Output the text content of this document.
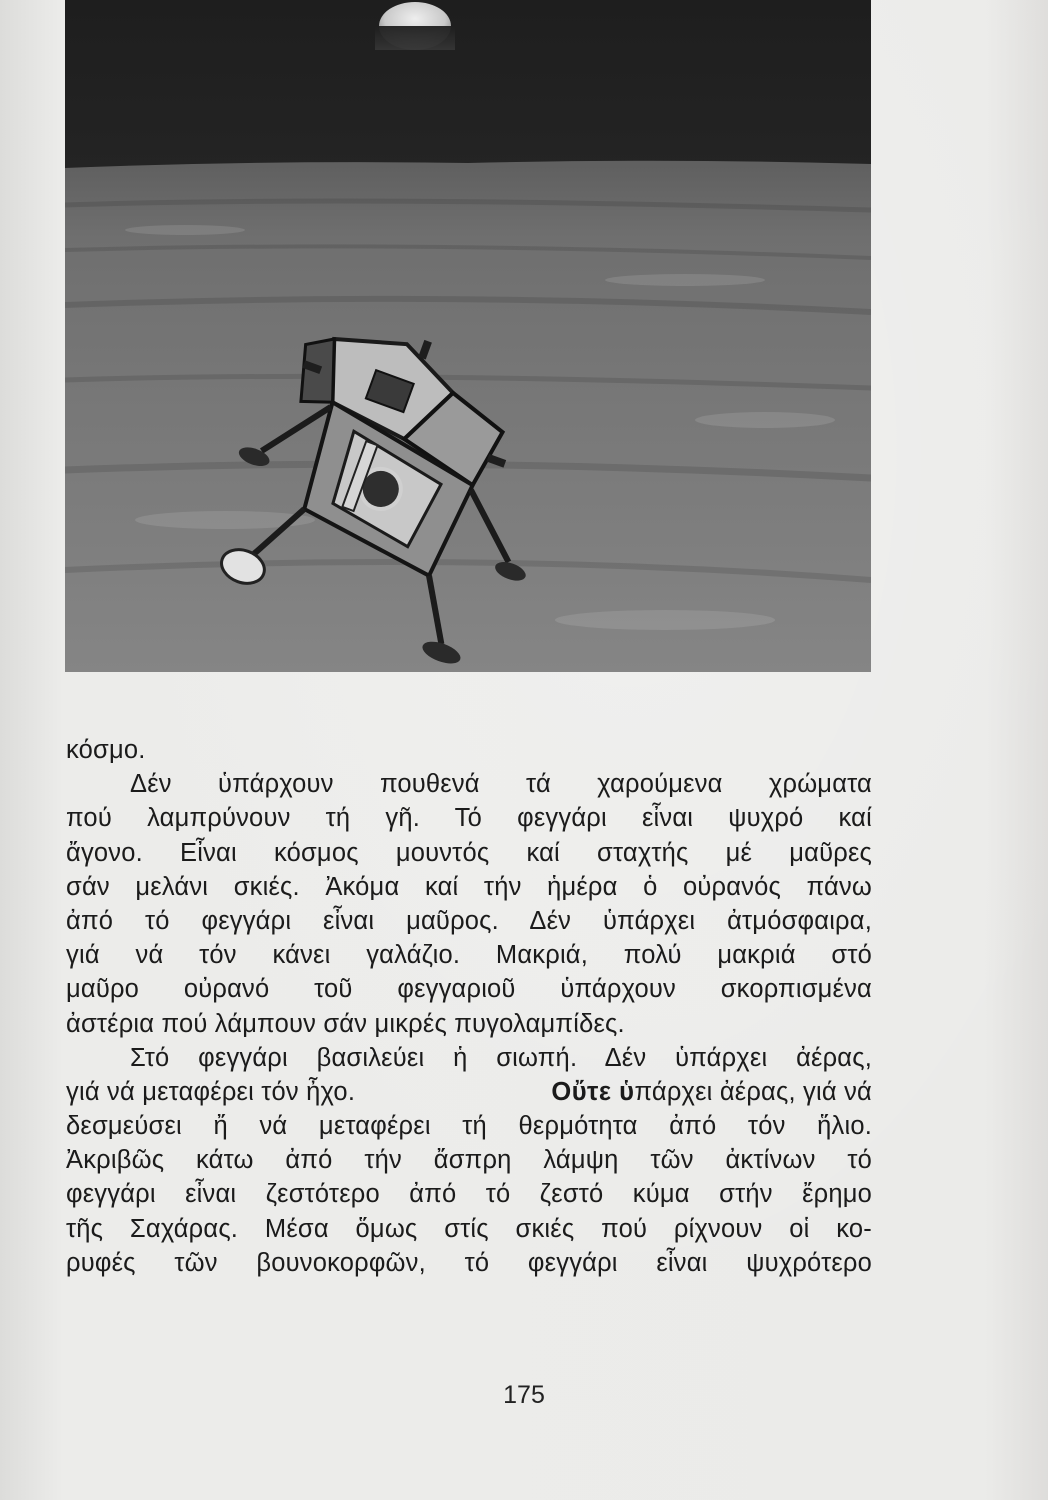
κόσμο.
Δέν ὑπάρχουν πουθενά τά χαρούμενα χρώματα
πού λαμπρύνουν τή γῆ. Τό φεγγάρι εἶναι ψυχρό καί
ἄγονο. Εἶναι κόσμος μουντός καί σταχτής μέ μαῦρες
σάν μελάνι σκιές. Ἀκόμα καί τήν ἡμέρα ὁ οὐρανός πάνω
ἀπό τό φεγγάρι εἶναι μαῦρος. Δέν ὑπάρχει ἀτμόσφαιρα,
γιά νά τόν κάνει γαλάζιο. Μακριά, πολύ μακριά στό
μαῦρο οὐρανό τοῦ φεγγαριοῦ ὑπάρχουν σκορπισμένα
ἀστέρια πού λάμπουν σάν μικρές πυγολαμπίδες.
Στό φεγγάρι βασιλεύει ἡ σιωπή. Δέν ὑπάρχει ἀέρας,
γιά νά μεταφέρει τόν ἦχο.	Οὔτε ὑπάρχει ἀέρας, γιά νά
δεσμεύσει ἤ νά μεταφέρει τή θερμότητα ἀπό τόν ἥλιο.
Ἀκριβῶς κάτω ἀπό τήν ἄσπρη λάμψη τῶν ἀκτίνων τό
φεγγάρι εἶναι ζεστότερο ἀπό τό ζεστό κύμα στήν ἔρημο
τῆς Σαχάρας. Μέσα ὅμως στίς σκιές πού ρίχνουν οἱ κο-
ρυφές τῶν βουνοκορφῶν, τό φεγγάρι εἶναι ψυχρότερο
175
